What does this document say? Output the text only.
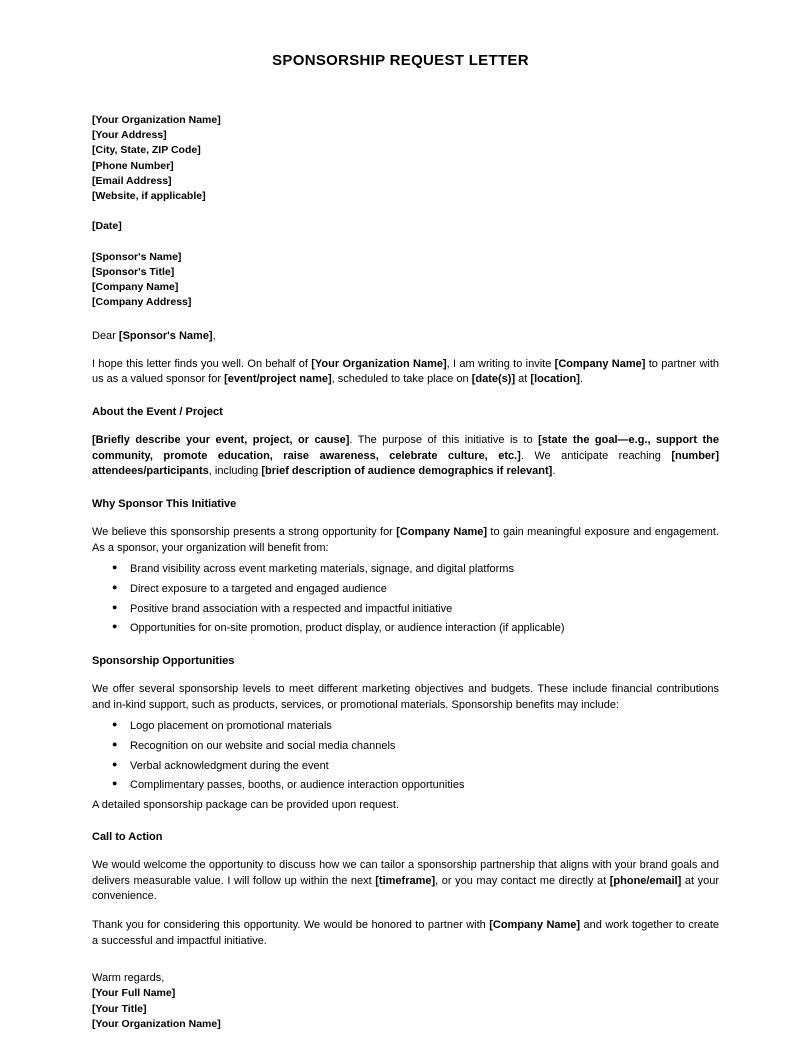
SPONSORSHIP REQUEST LETTER
[Your Organization Name]
[Your Address]
[City, State, ZIP Code]
[Phone Number]
[Email Address]
[Website, if applicable]
[Date]
[Sponsor's Name]
[Sponsor's Title]
[Company Name]
[Company Address]
Dear [Sponsor's Name],

I hope this letter finds you well. On behalf of [Your Organization Name], I am writing to invite [Company Name] to partner with us as a valued sponsor for [event/project name], scheduled to take place on [date(s)] at [location].

About the Event / Project

[Briefly describe your event, project, or cause]. The purpose of this initiative is to [state the goal—e.g., support the community, promote education, raise awareness, celebrate culture, etc.]. We anticipate reaching [number] attendees/participants, including [brief description of audience demographics if relevant].

Why Sponsor This Initiative

We believe this sponsorship presents a strong opportunity for [Company Name] to gain meaningful exposure and engagement. As a sponsor, your organization will benefit from:

● Brand visibility across event marketing materials, signage, and digital platforms
● Direct exposure to a targeted and engaged audience
● Positive brand association with a respected and impactful initiative
● Opportunities for on-site promotion, product display, or audience interaction (if applicable)
Sponsorship Opportunities

We offer several sponsorship levels to meet different marketing objectives and budgets. These include financial contributions and in-kind support, such as products, services, or promotional materials. Sponsorship benefits may include:

● Logo placement on promotional materials
● Recognition on our website and social media channels
● Verbal acknowledgment during the event
● Complimentary passes, booths, or audience interaction opportunities
A detailed sponsorship package can be provided upon request.
Call to Action

We would welcome the opportunity to discuss how we can tailor a sponsorship partnership that aligns with your brand goals and delivers measurable value. I will follow up within the next [timeframe], or you may contact me directly at [phone/email] at your convenience.

Thank you for considering this opportunity. We would be honored to partner with [Company Name] and work together to create a successful and impactful initiative.

Warm regards,
[Your Full Name]
[Your Title]
[Your Organization Name]
